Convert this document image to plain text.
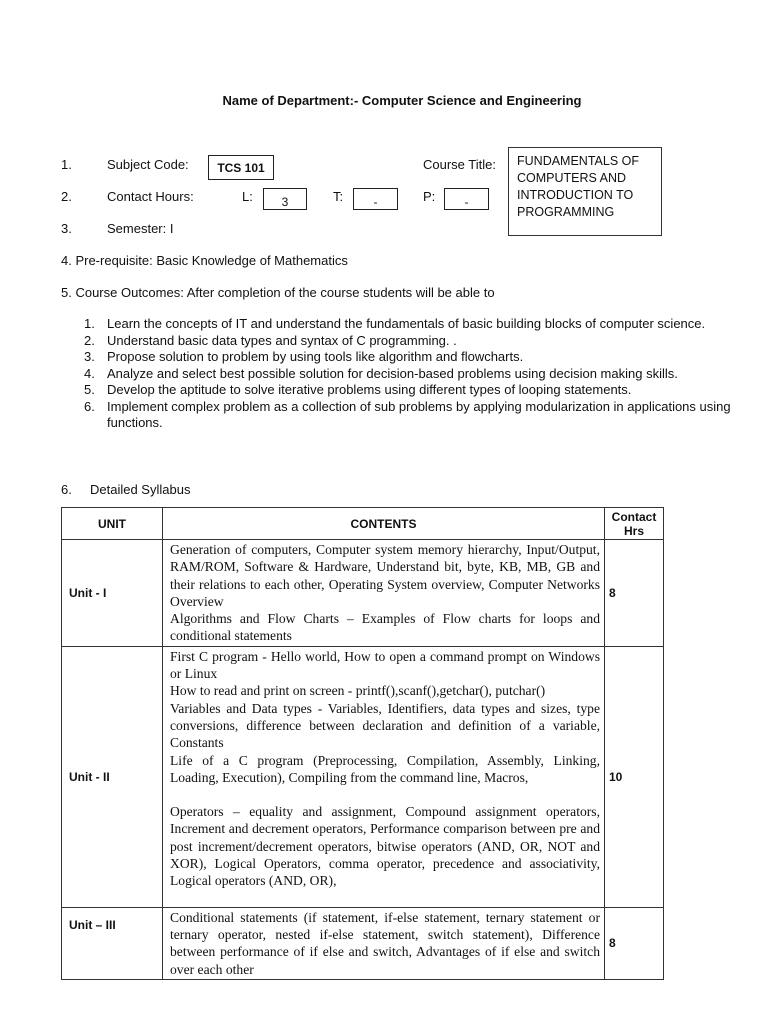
Name of Department:- Computer Science and Engineering
1.	Subject Code:	TCS 101	Course Title:	FUNDAMENTALS OF COMPUTERS AND INTRODUCTION TO PROGRAMMING
2.	Contact Hours:	L:	3	T:	-	P:	-
3.	Semester: I
4. Pre-requisite: Basic Knowledge of Mathematics
5. Course Outcomes: After completion of the course students will be able to
1. Learn the concepts of IT and understand the fundamentals of basic building blocks of computer science.
2. Understand basic data types and syntax of C programming. .
3. Propose solution to problem by using tools like algorithm and flowcharts.
4. Analyze and select best possible solution for decision-based problems using decision making skills.
5. Develop the aptitude to solve iterative problems using different types of looping statements.
6. Implement complex problem as a collection of sub problems by applying modularization in applications using functions.
6. Detailed Syllabus
UNIT	CONTENTS	Contact Hrs
Unit - I	Generation of computers, Computer system memory hierarchy, Input/Output, RAM/ROM, Software & Hardware, Understand bit, byte, KB, MB, GB and their relations to each other, Operating System overview, Computer Networks Overview

Algorithms and Flow Charts – Examples of Flow charts for loops and conditional statements	8
Unit - II	First C program - Hello world, How to open a command prompt on Windows or Linux

How to read and print on screen - printf(),scanf(),getchar(), putchar()

Variables and Data types - Variables, Identifiers, data types and sizes, type conversions, difference between declaration and definition of a variable, Constants

Life of a C program (Preprocessing, Compilation, Assembly, Linking, Loading, Execution), Compiling from the command line, Macros,

Operators – equality and assignment, Compound assignment operators, Increment and decrement operators, Performance comparison between pre and post increment/decrement operators, bitwise operators (AND, OR, NOT and XOR), Logical Operators, comma operator, precedence and associativity, Logical operators (AND, OR),	10
Unit – III	Conditional statements (if statement, if-else statement, ternary statement or ternary operator, nested if-else statement, switch statement), Difference between performance of if else and switch, Advantages of if else and switch over each other	8
